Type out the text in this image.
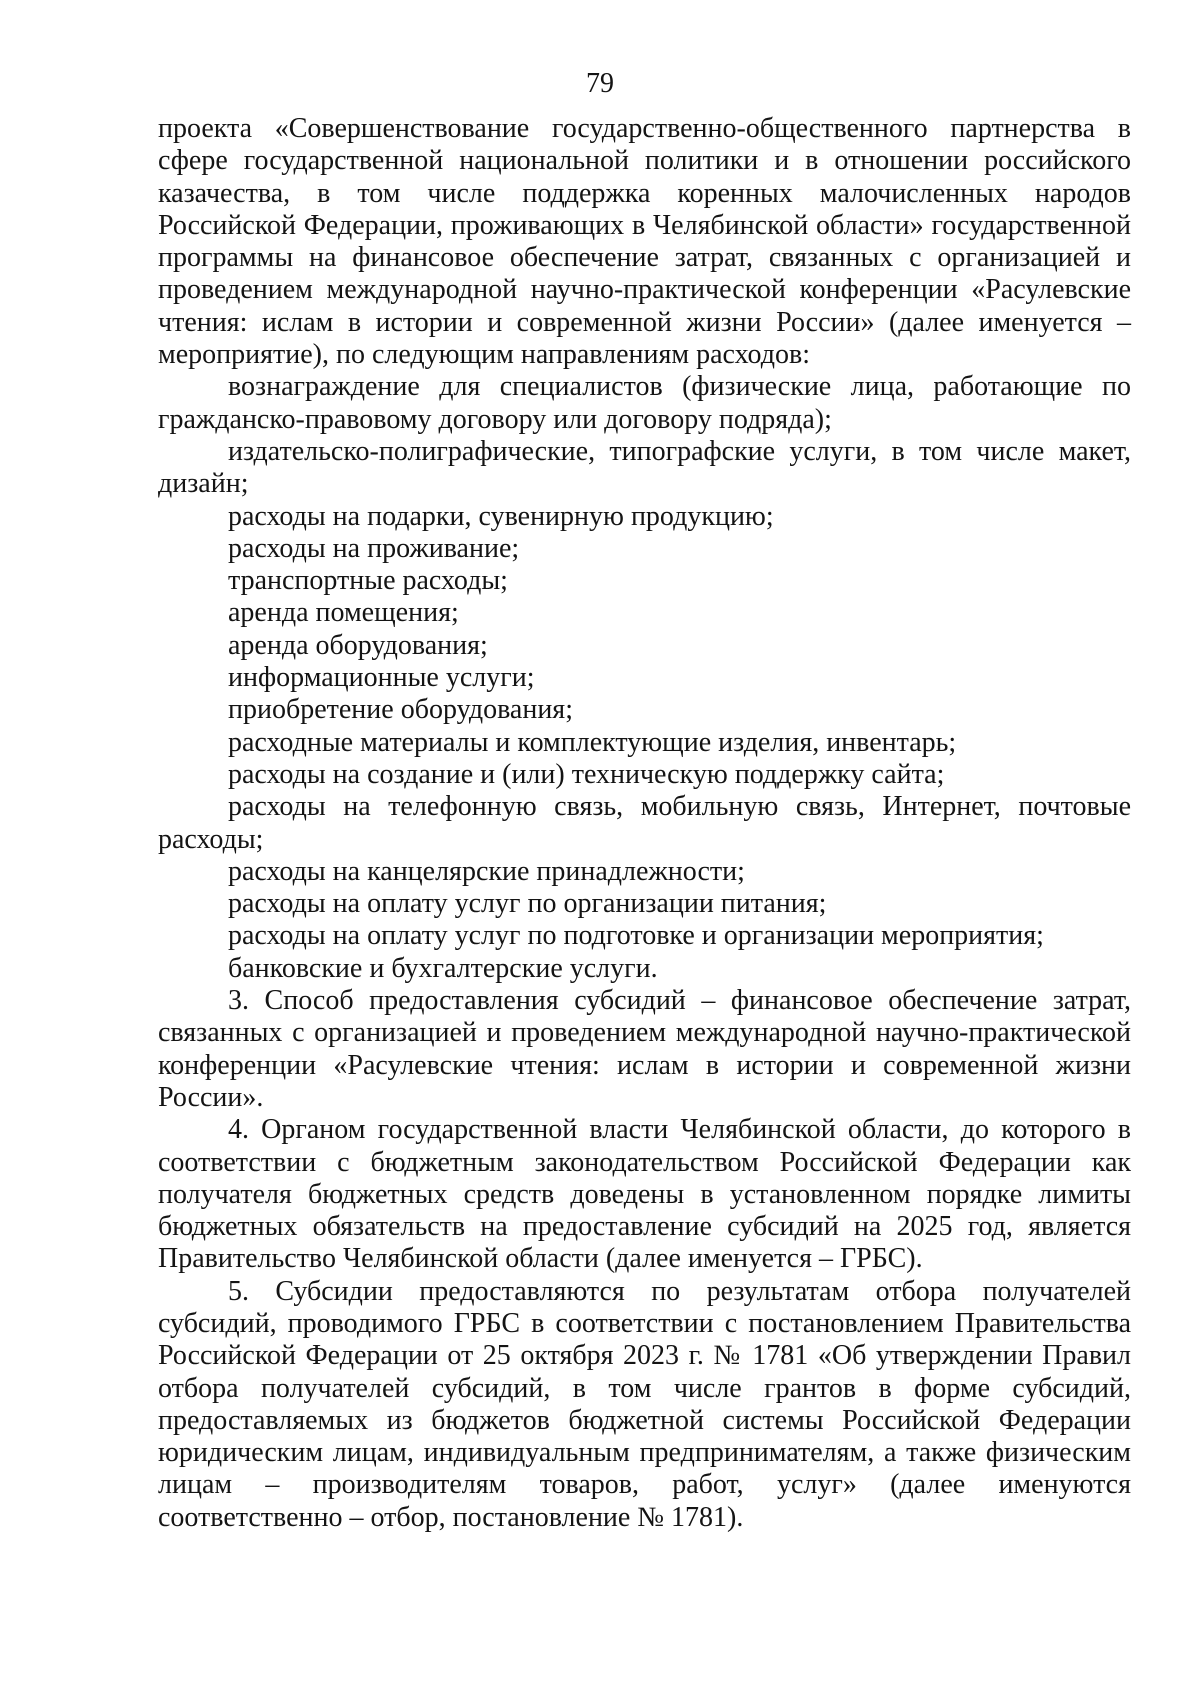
79

проекта «Совершенствование государственно-общественного партнерства в сфере государственной национальной политики и в отношении российского казачества, в том числе поддержка коренных малочисленных народов Российской Федерации, проживающих в Челябинской области» государственной программы на финансовое обеспечение затрат, связанных с организацией и проведением международной научно-практической конференции «Расулевские чтения: ислам в истории и современной жизни России» (далее именуется – мероприятие), по следующим направлениям расходов:

вознаграждение для специалистов (физические лица, работающие по гражданско-правовому договору или договору подряда);

издательско-полиграфические, типографские услуги, в том числе макет, дизайн;

расходы на подарки, сувенирную продукцию;

расходы на проживание;

транспортные расходы;

аренда помещения;

аренда оборудования;

информационные услуги;

приобретение оборудования;

расходные материалы и комплектующие изделия, инвентарь;

расходы на создание и (или) техническую поддержку сайта;

расходы на телефонную связь, мобильную связь, Интернет, почтовые расходы;

расходы на канцелярские принадлежности;

расходы на оплату услуг по организации питания;

расходы на оплату услуг по подготовке и организации мероприятия;

банковские и бухгалтерские услуги.

3. Способ предоставления субсидий – финансовое обеспечение затрат, связанных с организацией и проведением международной научно-практической конференции «Расулевские чтения: ислам в истории и современной жизни России».

4. Органом государственной власти Челябинской области, до которого в соответствии с бюджетным законодательством Российской Федерации как получателя бюджетных средств доведены в установленном порядке лимиты бюджетных обязательств на предоставление субсидий на 2025 год, является Правительство Челябинской области (далее именуется – ГРБС).

5. Субсидии предоставляются по результатам отбора получателей субсидий, проводимого ГРБС в соответствии с постановлением Правительства Российской Федерации от 25 октября 2023 г. № 1781 «Об утверждении Правил отбора получателей субсидий, в том числе грантов в форме субсидий, предоставляемых из бюджетов бюджетной системы Российской Федерации юридическим лицам, индивидуальным предпринимателям, а также физическим лицам – производителям товаров, работ, услуг» (далее именуются соответственно – отбор, постановление № 1781).
